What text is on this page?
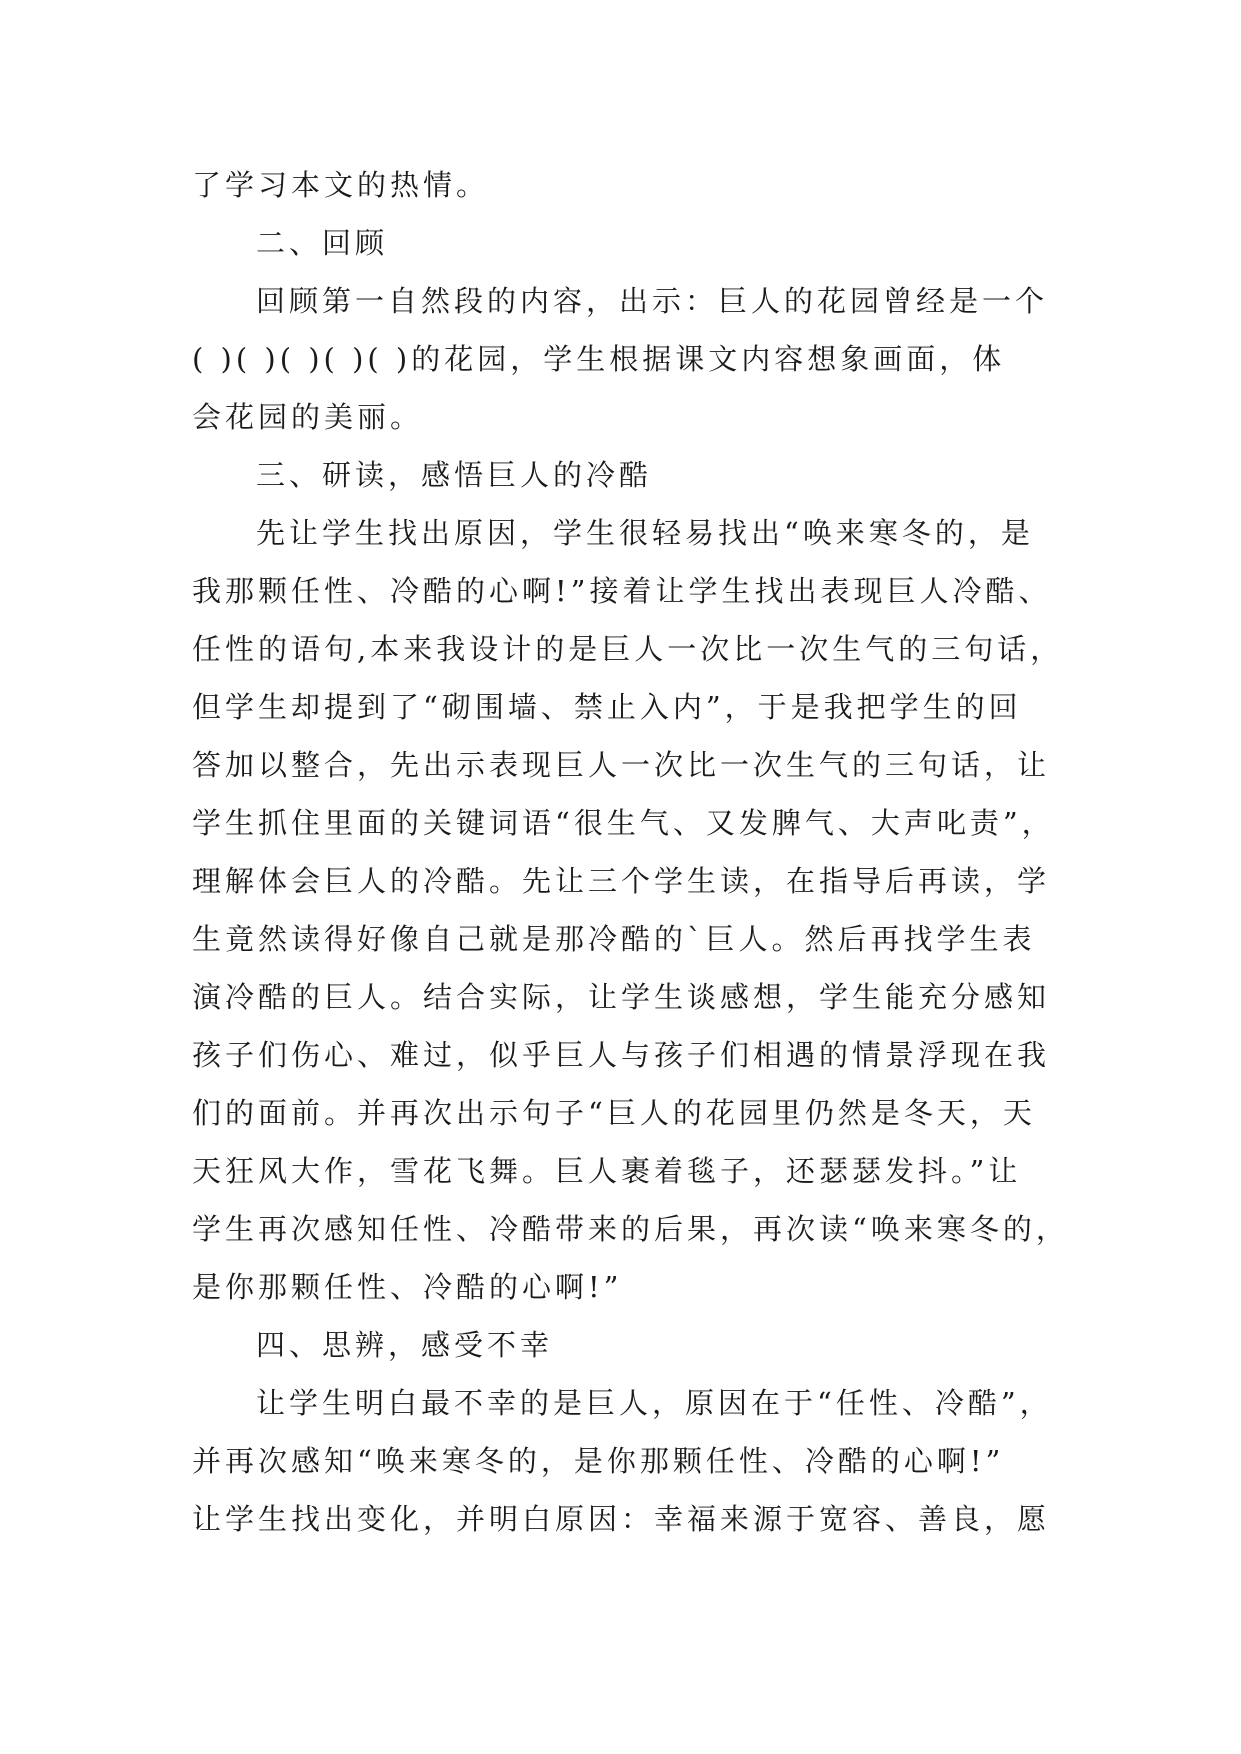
了学习本文的热情。
二、回顾
回顾第一自然段的内容，出示：巨人的花园曾经是一个
( )( )( )( )( )的花园，学生根据课文内容想象画面，体
会花园的美丽。
三、研读，感悟巨人的冷酷
先让学生找出原因，学生很轻易找出“唤来寒冬的，是
我那颗任性、冷酷的心啊!”接着让学生找出表现巨人冷酷、
任性的语句,本来我设计的是巨人一次比一次生气的三句话，
但学生却提到了“砌围墙、禁止入内”，于是我把学生的回
答加以整合，先出示表现巨人一次比一次生气的三句话，让
学生抓住里面的关键词语“很生气、又发脾气、大声叱责”，
理解体会巨人的冷酷。先让三个学生读，在指导后再读，学
生竟然读得好像自己就是那冷酷的`巨人。然后再找学生表
演冷酷的巨人。结合实际，让学生谈感想，学生能充分感知
孩子们伤心、难过，似乎巨人与孩子们相遇的情景浮现在我
们的面前。并再次出示句子“巨人的花园里仍然是冬天，天
天狂风大作，雪花飞舞。巨人裹着毯子，还瑟瑟发抖。”让
学生再次感知任性、冷酷带来的后果，再次读“唤来寒冬的，
是你那颗任性、冷酷的心啊!”
四、思辨，感受不幸
让学生明白最不幸的是巨人，原因在于“任性、冷酷”，
并再次感知“唤来寒冬的，是你那颗任性、冷酷的心啊!”
让学生找出变化，并明白原因：幸福来源于宽容、善良，愿
